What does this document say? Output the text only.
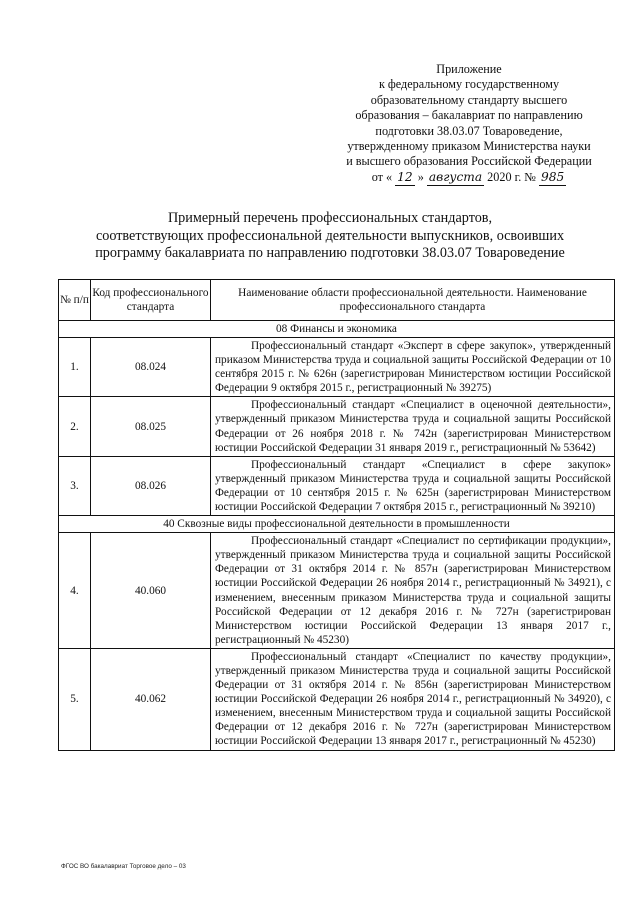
Приложение
к федеральному государственному
образовательному стандарту высшего
образования – бакалавриат по направлению
подготовки 38.03.07 Товароведение,
утвержденному приказом Министерства науки
и высшего образования Российской Федерации
от « 12 » августа 2020 г. № 985
Примерный перечень профессиональных стандартов,
соответствующих профессиональной деятельности выпускников, освоивших
программу бакалавриата по направлению подготовки 38.03.07 Товароведение
№ п/п	Код профессионального стандарта	Наименование области профессиональной деятельности. Наименование профессионального стандарта
08 Финансы и экономика		
1.	08.024	Профессиональный стандарт «Эксперт в сфере закупок», утвержденный приказом Министерства труда и социальной защиты Российской Федерации от 10 сентября 2015 г. № 626н (зарегистрирован Министерством юстиции Российской Федерации 9 октября 2015 г., регистрационный № 39275)
2.	08.025	Профессиональный стандарт «Специалист в оценочной деятельности», утвержденный приказом Министерства труда и социальной защиты Российской Федерации от 26 ноября 2018 г. № 742н (зарегистрирован Министерством юстиции Российской Федерации 31 января 2019 г., регистрационный № 53642)
3.	08.026	Профессиональный стандарт «Специалист в сфере закупок» утвержденный приказом Министерства труда и социальной защиты Российской Федерации от 10 сентября 2015 г. № 625н (зарегистрирован Министерством юстиции Российской Федерации 7 октября 2015 г., регистрационный № 39210)
40 Сквозные виды профессиональной деятельности в промышленности		
4.	40.060	Профессиональный стандарт «Специалист по сертификации продукции», утвержденный приказом Министерства труда и социальной защиты Российской Федерации от 31 октября 2014 г. № 857н (зарегистрирован Министерством юстиции Российской Федерации 26 ноября 2014 г., регистрационный № 34921), с изменением, внесенным приказом Министерства труда и социальной защиты Российской Федерации от 12 декабря 2016 г. № 727н (зарегистрирован Министерством юстиции Российской Федерации 13 января 2017 г., регистрационный № 45230)
5.	40.062	Профессиональный стандарт «Специалист по качеству продукции», утвержденный приказом Министерства труда и социальной защиты Российской Федерации от 31 октября 2014 г. № 856н (зарегистрирован Министерством юстиции Российской Федерации 26 ноября 2014 г., регистрационный № 34920), с изменением, внесенным Министерством труда и социальной защиты Российской Федерации от 12 декабря 2016 г. № 727н (зарегистрирован Министерством юстиции Российской Федерации 13 января 2017 г., регистрационный № 45230)
ФГОС ВО бакалавриат Торговое дело – 03
